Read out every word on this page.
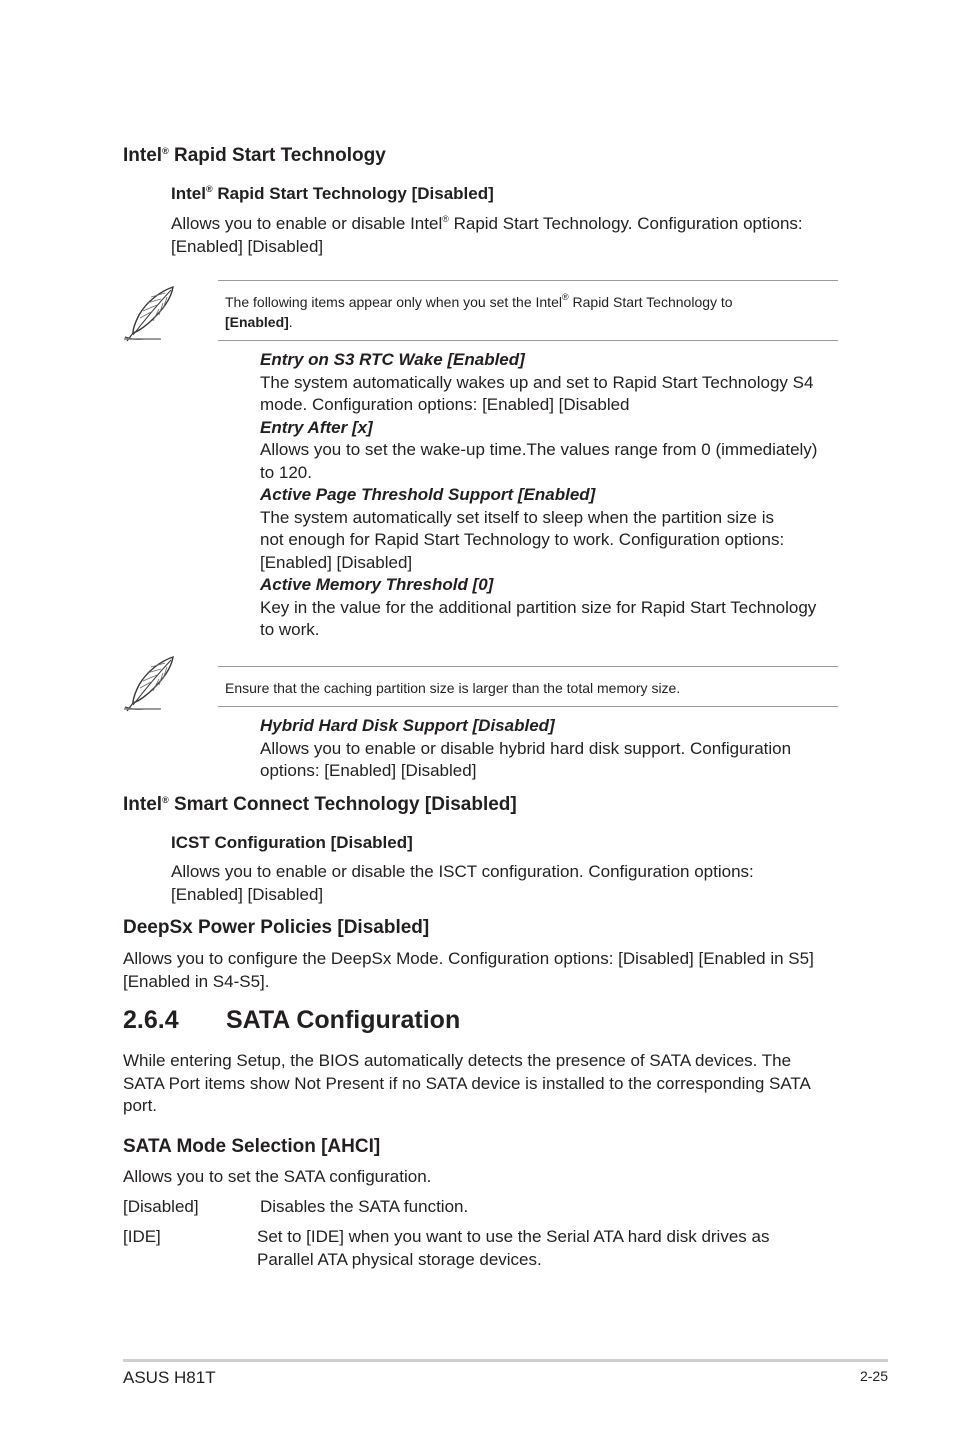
Intel® Rapid Start Technology
Intel® Rapid Start Technology [Disabled]
Allows you to enable or disable Intel® Rapid Start Technology. Configuration options:
[Enabled] [Disabled]
The following items appear only when you set the Intel® Rapid Start Technology to
[Enabled].
Entry on S3 RTC Wake [Enabled]
The system automatically wakes up and set to Rapid Start Technology S4
mode. Configuration options: [Enabled] [Disabled
Entry After [x]
Allows you to set the wake-up time.The values range from 0 (immediately)
to 120.
Active Page Threshold Support [Enabled]
The system automatically set itself to sleep when the partition size is
not enough for Rapid Start Technology to work. Configuration options:
[Enabled] [Disabled]
Active Memory Threshold [0]
Key in the value for the additional partition size for Rapid Start Technology
to work.
Ensure that the caching partition size is larger than the total memory size.
Hybrid Hard Disk Support [Disabled]
Allows you to enable or disable hybrid hard disk support. Configuration
options: [Enabled] [Disabled]
Intel® Smart Connect Technology [Disabled]
ICST Configuration [Disabled]
Allows you to enable or disable the ISCT configuration. Configuration options:
[Enabled] [Disabled]
DeepSx Power Policies [Disabled]
Allows you to configure the DeepSx Mode. Configuration options: [Disabled] [Enabled in S5]
[Enabled in S4-S5].
2.6.4 SATA Configuration
While entering Setup, the BIOS automatically detects the presence of SATA devices. The
SATA Port items show Not Present if no SATA device is installed to the corresponding SATA
port.
SATA Mode Selection [AHCI]
Allows you to set the SATA configuration.
[Disabled]	Disables the SATA function.
[IDE]	Set to [IDE] when you want to use the Serial ATA hard disk drives as
Parallel ATA physical storage devices.
ASUS H81T	2-25
